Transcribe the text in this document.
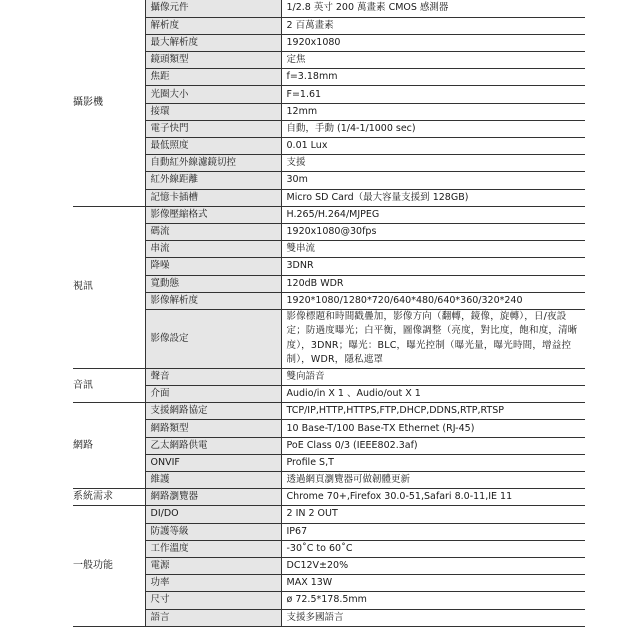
攝影機	攝像元件	1/2.8 英寸 200 萬畫素 CMOS 感測器
	解析度	2 百萬畫素
	最大解析度	1920x1080
	鏡頭類型	定焦
	焦距	f=3.18mm
	光圈大小	F=1.61
	接環	12mm
	電子快門	自動，手動 (1/4-1/1000 sec)
	最低照度	0.01 Lux
	自動紅外線濾鏡切控	支援
	紅外線距離	30m
	記憶卡插槽	Micro SD Card（最大容量支援到 128GB)
視訊	影像壓縮格式	H.265/H.264/MJPEG
	碼流	1920x1080@30fps
	串流	雙串流
	降噪	3DNR
	寬動態	120dB WDR
	影像解析度	1920*1080/1280*720/640*480/640*360/320*240
	影像設定	影像標題和時間戳疊加，影像方向（翻轉，鏡像，旋轉），日/夜設定；防過度曝光；白平衡，圖像調整（亮度，對比度，飽和度，清晰度），3DNR；曝光：BLC，曝光控制（曝光量，曝光時間，增益控制），WDR，隱私遮罩
音訊	聲音	雙向語音
	介面	Audio/in X 1 、Audio/out X 1
網路	支援網路協定	TCP/IP,HTTP,HTTPS,FTP,DHCP,DDNS,RTP,RTSP
	網路類型	10 Base-T/100 Base-TX Ethernet (RJ-45)
	乙太網路供電	PoE Class 0/3 (IEEE802.3af)
	ONVIF	Profile S,T
	維護	透過網頁瀏覽器可做韌體更新
系統需求	網路瀏覽器	Chrome 70+,Firefox 30.0-51,Safari 8.0-11,IE 11
一般功能	DI/DO	2 IN 2 OUT
	防護等級	IP67
	工作溫度	-30˚C to 60˚C
	電源	DC12V±20%
	功率	MAX 13W
	尺寸	ø 72.5*178.5mm
	語言	支援多國語言
